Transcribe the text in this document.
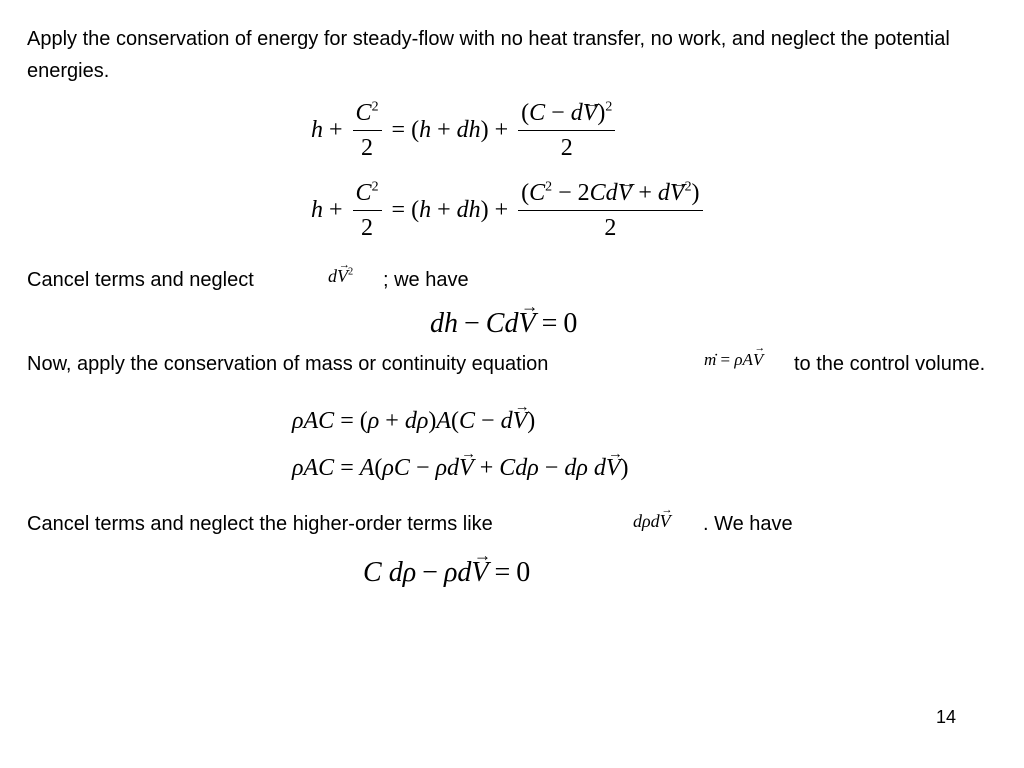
Apply the conservation of energy for steady-flow with no heat transfer, no work, and neglect the potential energies.
$h + \frac{C^2}{2}$ = ( h + dh ) + $\frac{(C - d\to V)^2}{2}$
$h + \frac{C^2}{2}$ = ( h + dh ) + $\frac{(C^2 - 2Cd\to V + d\to V^2)}{2}$
Cancel terms and neglect	$d\to V^2$ ; we have
dh − Cd → V = 0
Now, apply the conservation of mass or continuity equation	ṁ = ρA→ V to the control volume.
ρAC = ( ρ + dρ ) A ( C − d → V )
ρAC = A ( ρC − ρd → V + Cdρ − dρ
d → V )
Cancel terms and neglect the higher-order terms like	dρd→ V . We have
C
dρ − ρd → V = 0
14
